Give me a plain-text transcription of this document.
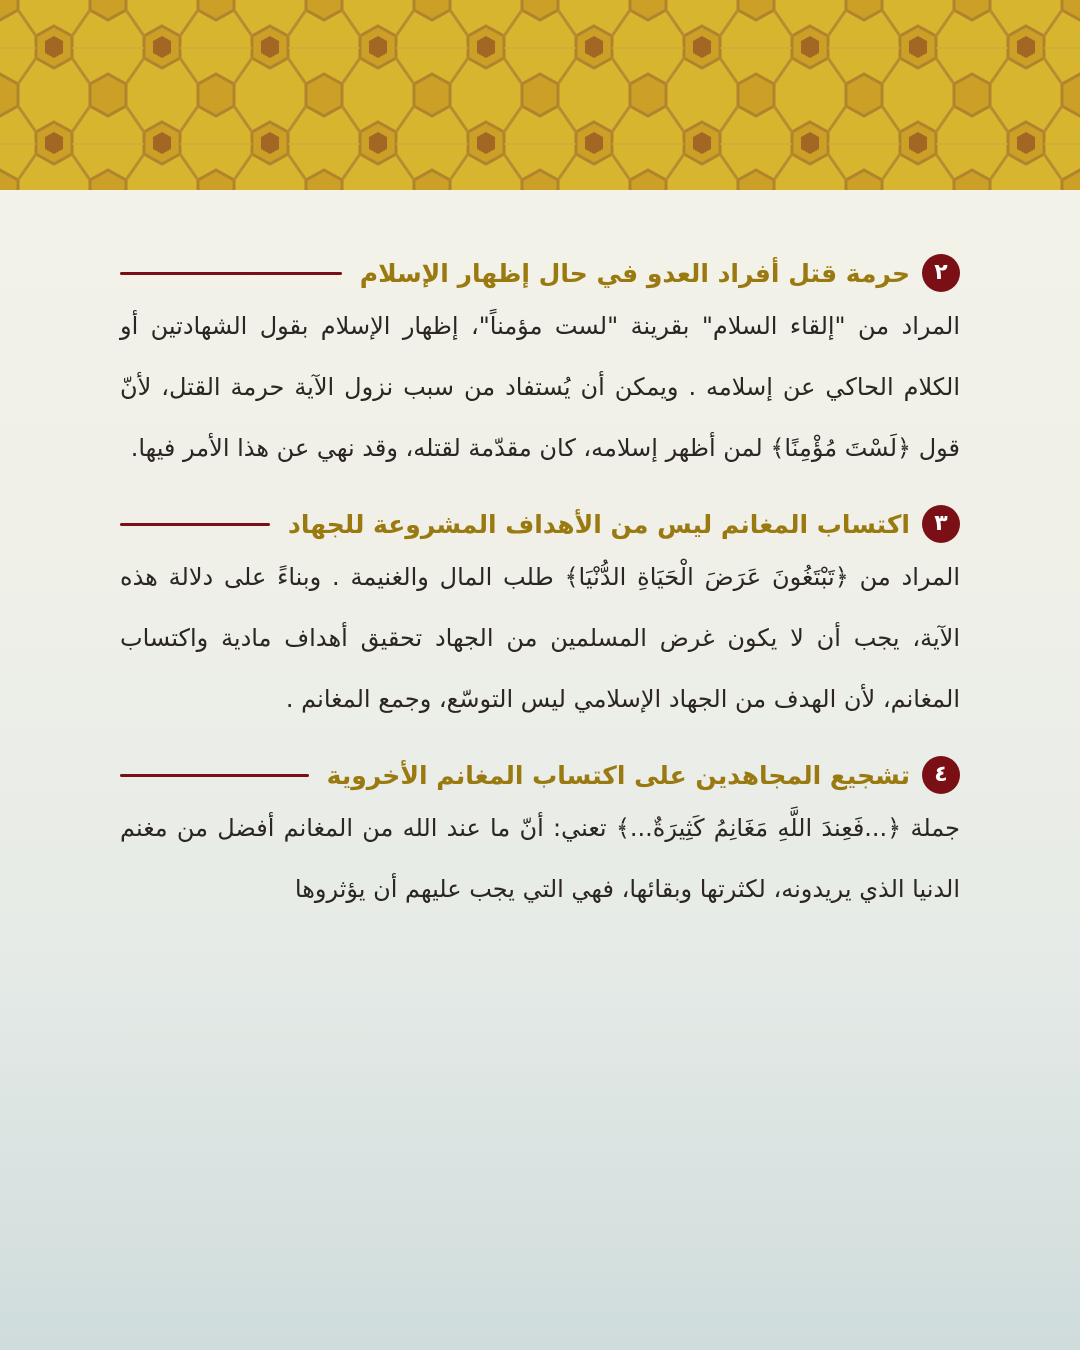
٢
حرمة قتل أفراد العدو في حال إظهار الإسلام

المراد من "إلقاء السلام" بقرينة "لست مؤمناً"، إظهار الإسلام بقول الشهادتين أو الكلام الحاكي عن إسلامه . ويمكن أن يُستفاد من سبب نزول الآية حرمة القتل، لأنّ قول ﴿لَسْتَ مُؤْمِنًا﴾ لمن أظهر إسلامه، كان مقدّمة لقتله، وقد نهي عن هذا الأمر فيها.

٣
اكتساب المغانم ليس من الأهداف المشروعة للجهاد

المراد من ﴿تَبْتَغُونَ عَرَضَ الْحَيَاةِ الدُّنْيَا﴾ طلب المال والغنيمة . وبناءً على دلالة هذه الآية، يجب أن لا يكون غرض المسلمين من الجهاد تحقيق أهداف مادية واكتساب المغانم، لأن الهدف من الجهاد الإسلامي ليس التوسّع، وجمع المغانم .

٤
تشجيع المجاهدين على اكتساب المغانم الأخروية

جملة ﴿...فَعِندَ اللَّهِ مَغَانِمُ كَثِيرَةٌ...﴾ تعني: أنّ ما عند الله من المغانم أفضل من مغنم الدنيا الذي يريدونه، لكثرتها وبقائها، فهي التي يجب عليهم أن يؤثروها
